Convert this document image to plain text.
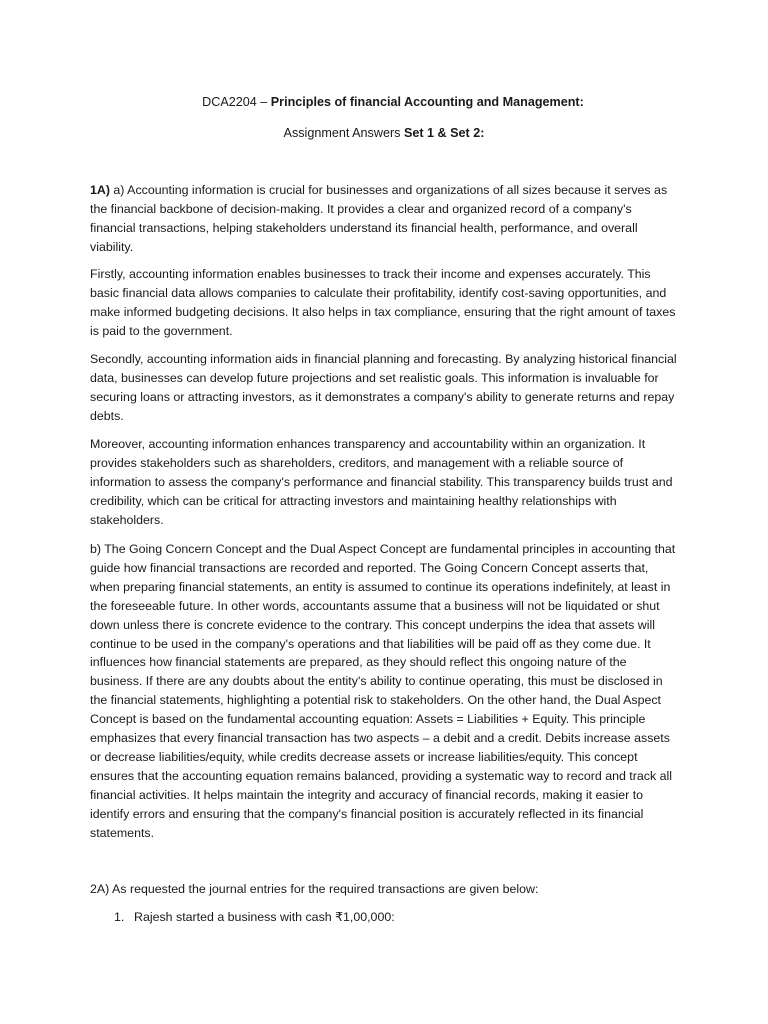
DCA2204 – Principles of financial Accounting and Management:
Assignment Answers Set 1 & Set 2:

1A) a) Accounting information is crucial for businesses and organizations of all sizes because it serves as the financial backbone of decision-making. It provides a clear and organized record of a company's financial transactions, helping stakeholders understand its financial health, performance, and overall viability.

Firstly, accounting information enables businesses to track their income and expenses accurately. This basic financial data allows companies to calculate their profitability, identify cost-saving opportunities, and make informed budgeting decisions. It also helps in tax compliance, ensuring that the right amount of taxes is paid to the government.

Secondly, accounting information aids in financial planning and forecasting. By analyzing historical financial data, businesses can develop future projections and set realistic goals. This information is invaluable for securing loans or attracting investors, as it demonstrates a company's ability to generate returns and repay debts.

Moreover, accounting information enhances transparency and accountability within an organization. It provides stakeholders such as shareholders, creditors, and management with a reliable source of information to assess the company's performance and financial stability. This transparency builds trust and credibility, which can be critical for attracting investors and maintaining healthy relationships with stakeholders.

b) The Going Concern Concept and the Dual Aspect Concept are fundamental principles in accounting that guide how financial transactions are recorded and reported. The Going Concern Concept asserts that, when preparing financial statements, an entity is assumed to continue its operations indefinitely, at least in the foreseeable future. In other words, accountants assume that a business will not be liquidated or shut down unless there is concrete evidence to the contrary. This concept underpins the idea that assets will continue to be used in the company's operations and that liabilities will be paid off as they come due. It influences how financial statements are prepared, as they should reflect this ongoing nature of the business. If there are any doubts about the entity's ability to continue operating, this must be disclosed in the financial statements, highlighting a potential risk to stakeholders. On the other hand, the Dual Aspect Concept is based on the fundamental accounting equation: Assets = Liabilities + Equity. This principle emphasizes that every financial transaction has two aspects – a debit and a credit. Debits increase assets or decrease liabilities/equity, while credits decrease assets or increase liabilities/equity. This concept ensures that the accounting equation remains balanced, providing a systematic way to record and track all financial activities. It helps maintain the integrity and accuracy of financial records, making it easier to identify errors and ensuring that the company's financial position is accurately reflected in its financial statements.

2A) As requested the journal entries for the required transactions are given below:

1. Rajesh started a business with cash ₹1,00,000:
